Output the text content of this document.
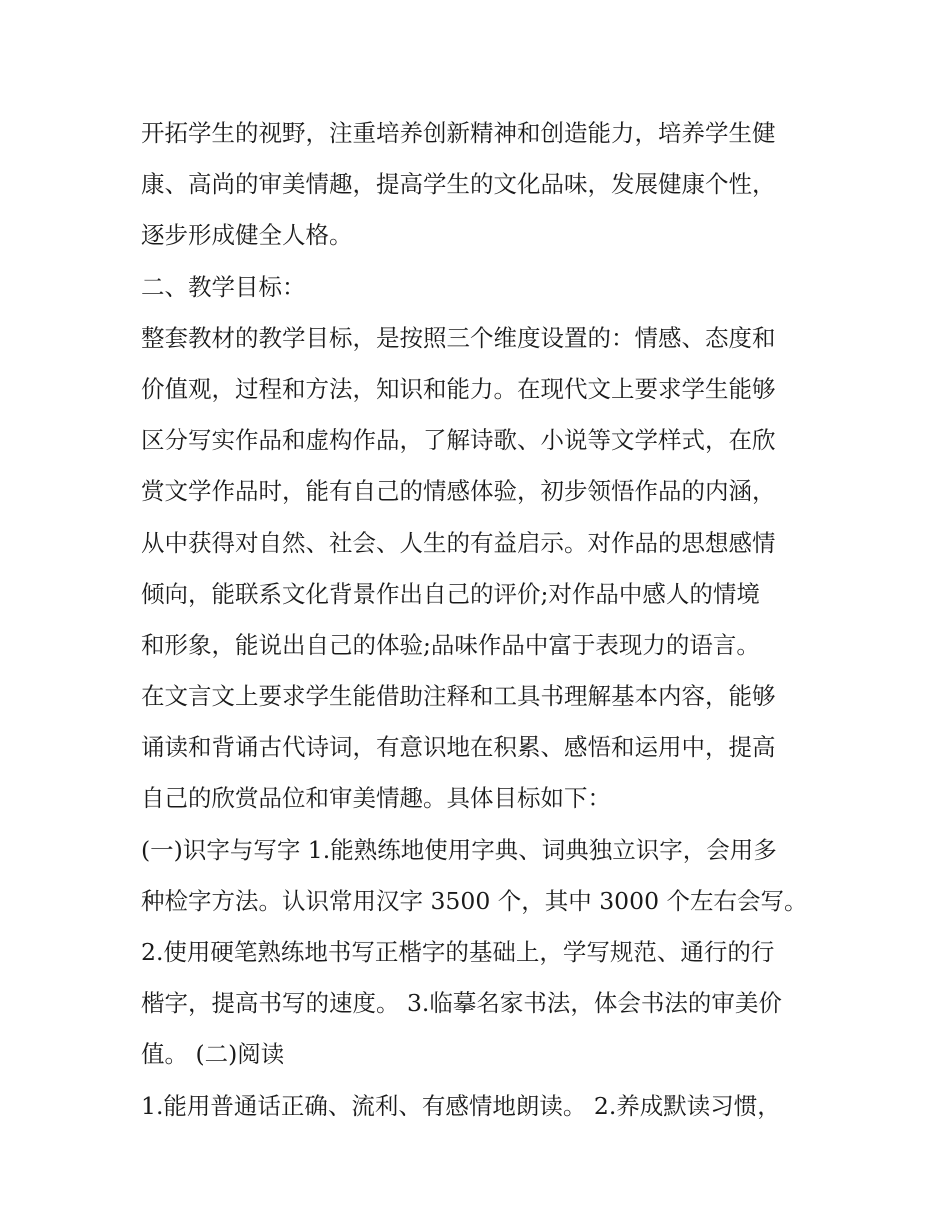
开拓学生的视野，注重培养创新精神和创造能力，培养学生健
康、高尚的审美情趣，提高学生的文化品味，发展健康个性，
逐步形成健全人格。
二、教学目标：
整套教材的教学目标，是按照三个维度设置的：情感、态度和
价值观，过程和方法，知识和能力。在现代文上要求学生能够
区分写实作品和虚构作品，了解诗歌、小说等文学样式，在欣
赏文学作品时，能有自己的情感体验，初步领悟作品的内涵，
从中获得对自然、社会、人生的有益启示。对作品的思想感情
倾向，能联系文化背景作出自己的评价;对作品中感人的情境
和形象，能说出自己的体验;品味作品中富于表现力的语言。
在文言文上要求学生能借助注释和工具书理解基本内容，能够
诵读和背诵古代诗词，有意识地在积累、感悟和运用中，提高
自己的欣赏品位和审美情趣。具体目标如下：
(一)识字与写字 1.能熟练地使用字典、词典独立识字，会用多
种检字方法。认识常用汉字 3500 个，其中 3000 个左右会写。
2.使用硬笔熟练地书写正楷字的基础上，学写规范、通行的行
楷字，提高书写的速度。 3.临摹名家书法，体会书法的审美价
值。 (二)阅读
1.能用普通话正确、流利、有感情地朗读。 2.养成默读习惯，
